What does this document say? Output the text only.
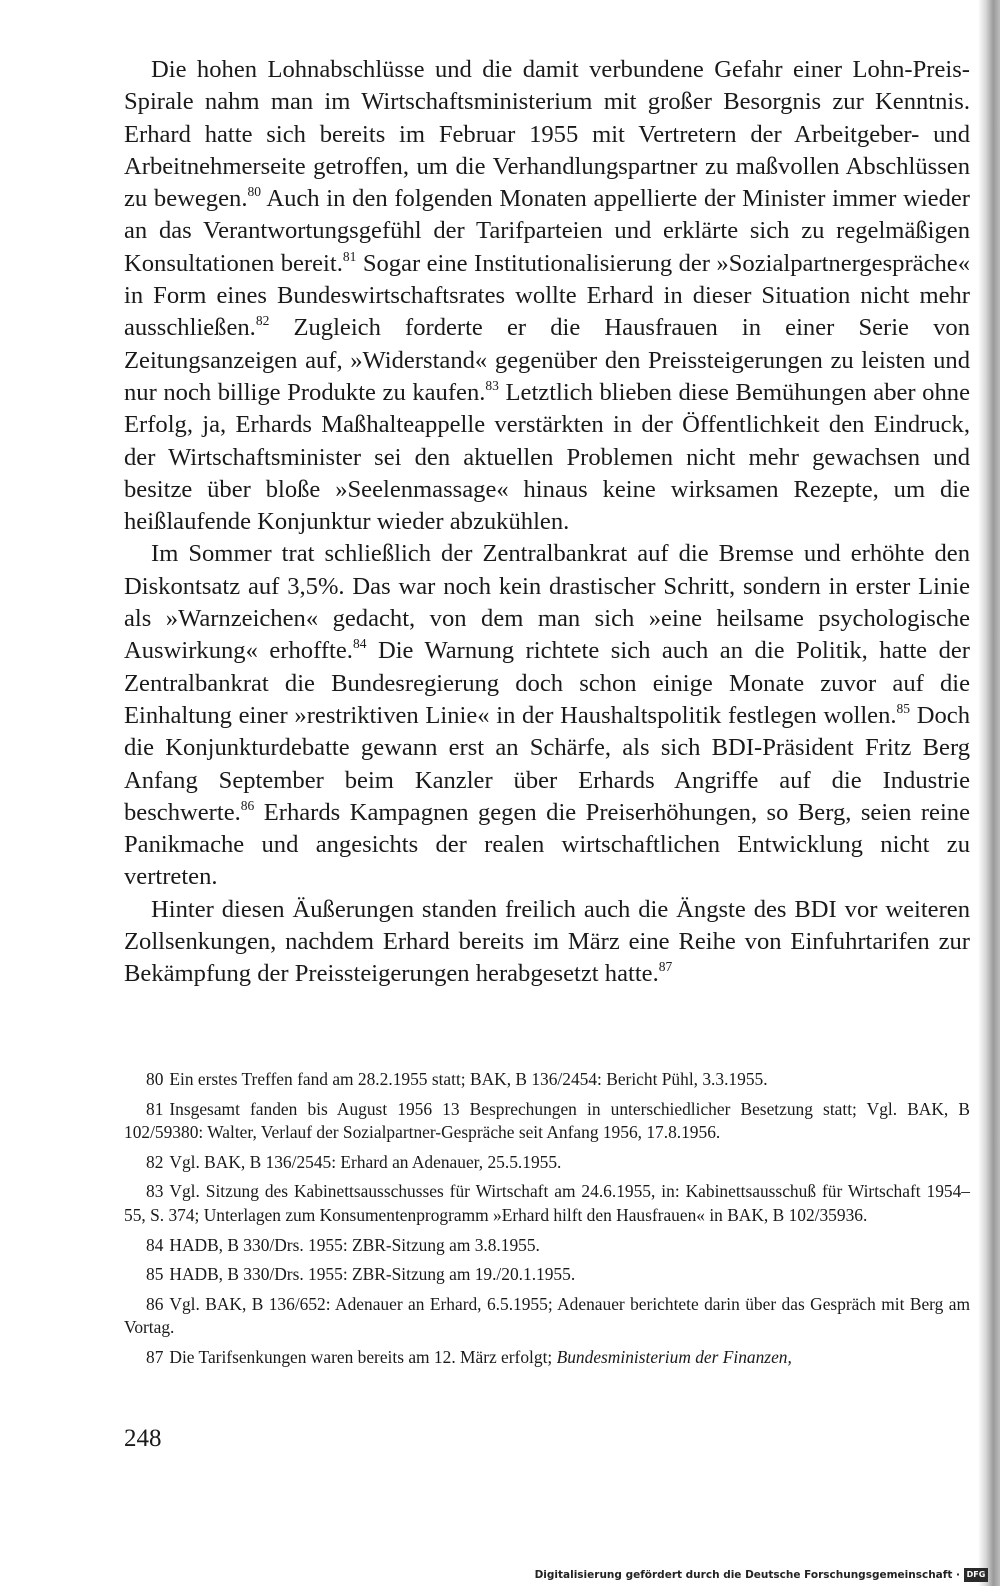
Die hohen Lohnabschlüsse und die damit verbundene Gefahr einer Lohn-Preis-Spirale nahm man im Wirtschaftsministerium mit großer Besorgnis zur Kenntnis. Erhard hatte sich bereits im Februar 1955 mit Vertretern der Arbeitgeber- und Arbeitnehmerseite getroffen, um die Verhandlungspartner zu maßvollen Abschlüssen zu bewegen.$^{80}$ Auch in den folgenden Monaten appellierte der Minister immer wieder an das Verantwortungsgefühl der Tarifparteien und erklärte sich zu regelmäßigen Konsultationen bereit.$^{81}$ Sogar eine Institutionalisierung der »Sozialpartnergespräche« in Form eines Bundeswirtschaftsrates wollte Erhard in dieser Situation nicht mehr ausschließen.$^{82}$ Zugleich forderte er die Hausfrauen in einer Serie von Zeitungsanzeigen auf, »Widerstand« gegenüber den Preissteigerungen zu leisten und nur noch billige Produkte zu kaufen.$^{83}$ Letztlich blieben diese Bemühungen aber ohne Erfolg, ja, Erhards Maßhalteappelle verstärkten in der Öffentlichkeit den Eindruck, der Wirtschaftsminister sei den aktuellen Problemen nicht mehr gewachsen und besitze über bloße »Seelenmassage« hinaus keine wirksamen Rezepte, um die heißlaufende Konjunktur wieder abzukühlen.

Im Sommer trat schließlich der Zentralbankrat auf die Bremse und erhöhte den Diskontsatz auf 3,5%. Das war noch kein drastischer Schritt, sondern in erster Linie als »Warnzeichen« gedacht, von dem man sich »eine heilsame psychologische Auswirkung« erhoffte.$^{84}$ Die Warnung richtete sich auch an die Politik, hatte der Zentralbankrat die Bundesregierung doch schon einige Monate zuvor auf die Einhaltung einer »restriktiven Linie« in der Haushaltspolitik festlegen wollen.$^{85}$ Doch die Konjunkturdebatte gewann erst an Schärfe, als sich BDI-Präsident Fritz Berg Anfang September beim Kanzler über Erhards Angriffe auf die Industrie beschwerte.$^{86}$ Erhards Kampagnen gegen die Preiserhöhungen, so Berg, seien reine Panikmache und angesichts der realen wirtschaftlichen Entwicklung nicht zu vertreten.

Hinter diesen Äußerungen standen freilich auch die Ängste des BDI vor weiteren Zollsenkungen, nachdem Erhard bereits im März eine Reihe von Einfuhrtarifen zur Bekämpfung der Preissteigerungen herabgesetzt hatte.$^{87}$

80 Ein erstes Treffen fand am 28.2.1955 statt; BAK, B 136/2454: Bericht Pühl, 3.3.1955.

81 Insgesamt fanden bis August 1956 13 Besprechungen in unterschiedlicher Besetzung statt; Vgl. BAK, B 102/59380: Walter, Verlauf der Sozialpartner-Gespräche seit Anfang 1956, 17.8.1956.

82 Vgl. BAK, B 136/2545: Erhard an Adenauer, 25.5.1955.

83 Vgl. Sitzung des Kabinettsausschusses für Wirtschaft am 24.6.1955, in: Kabinettsausschuß für Wirtschaft 1954–55, S. 374; Unterlagen zum Konsumentenprogramm »Erhard hilft den Hausfrauen« in BAK, B 102/35936.

84 HADB, B 330/Drs. 1955: ZBR-Sitzung am 3.8.1955.

85 HADB, B 330/Drs. 1955: ZBR-Sitzung am 19./20.1.1955.

86 Vgl. BAK, B 136/652: Adenauer an Erhard, 6.5.1955; Adenauer berichtete darin über das Gespräch mit Berg am Vortag.

87 Die Tarifsenkungen waren bereits am 12. März erfolgt; Bundesministerium der Finanzen,

248
Digitalisierung gefördert durch die Deutsche Forschungsgemeinschaft · DFG
